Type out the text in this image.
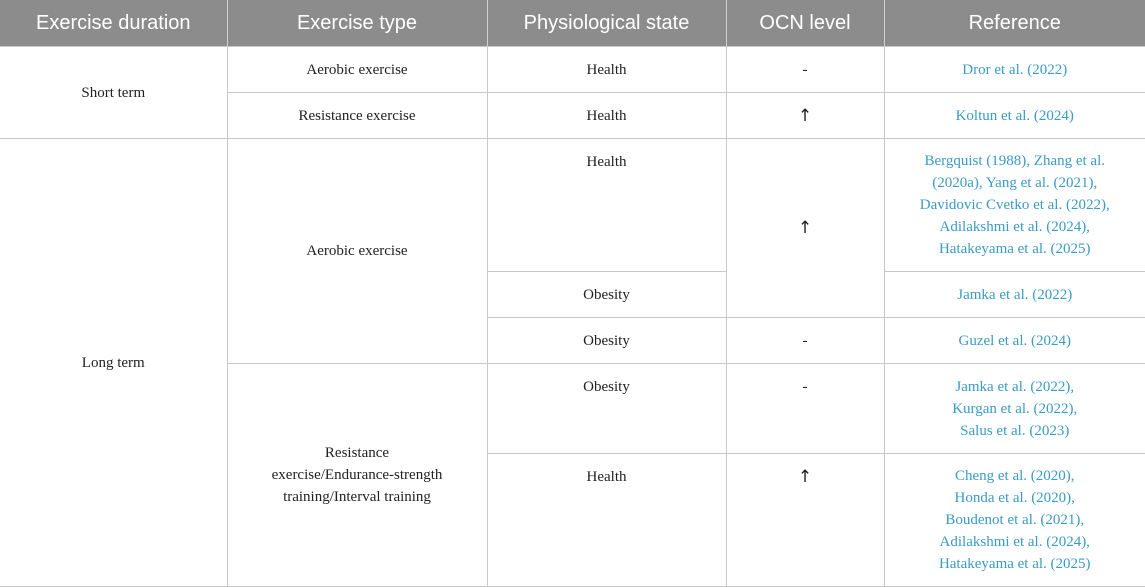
Exercise duration	Exercise type	Physiological state	OCN level	Reference
Short term	Aerobic exercise	Health	-	Dror et al. (2022)
	Resistance exercise	Health	↑	Koltun et al. (2024)
Long term	Aerobic exercise	Health	↑	Bergquist (1988), Zhang et al.
(2020a), Yang et al. (2021),
Davidovic Cvetko et al. (2022),
Adilakshmi et al. (2024),
Hatakeyama et al. (2025)

		Obesity		Jamka et al. (2022)
		Obesity	-	Guzel et al. (2024)

	Resistance
exercise/Endurance-strength
training/Interval training	Obesity	-	Jamka et al. (2022),
Kurgan et al. (2022),
Salus et al. (2023)

		Health	↑	Cheng et al. (2020),
Honda et al. (2020),
Boudenot et al. (2021),
Adilakshmi et al. (2024),
Hatakeyama et al. (2025)
